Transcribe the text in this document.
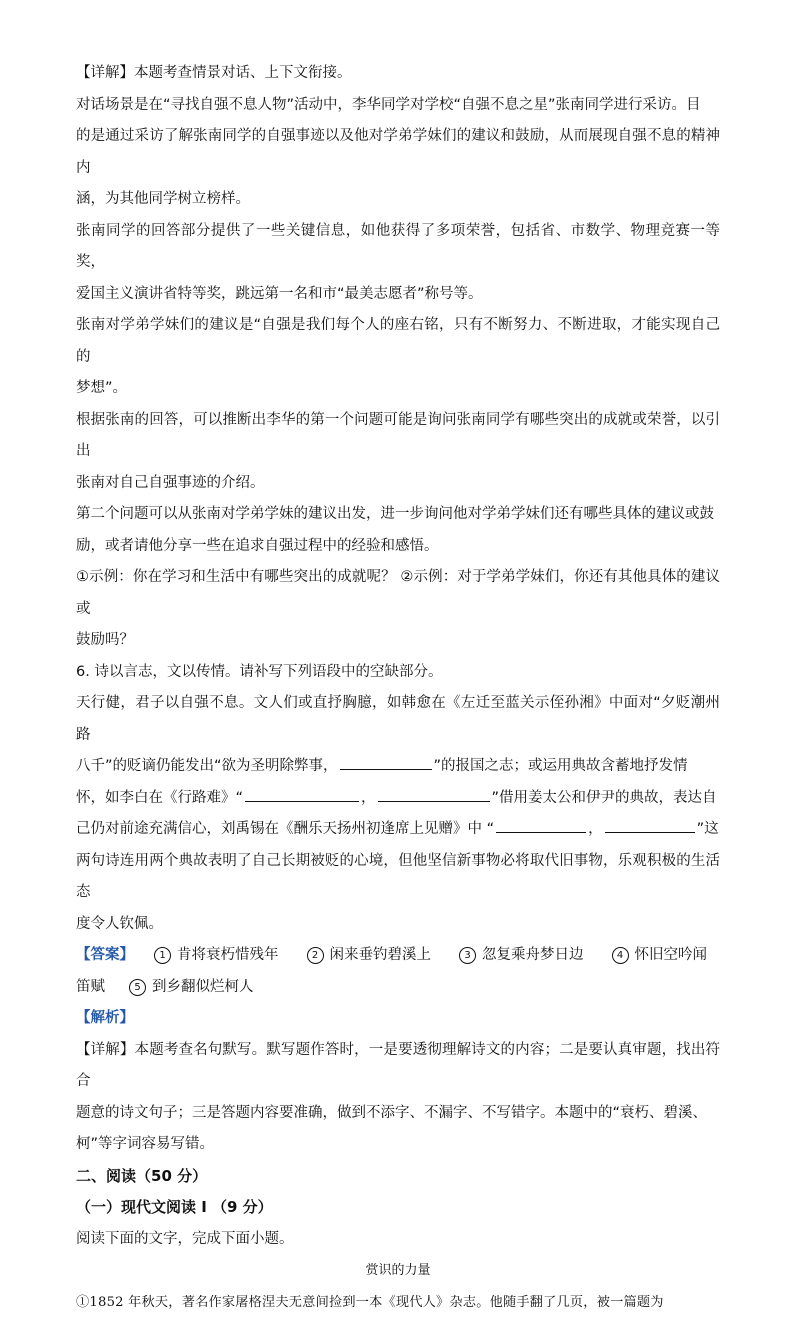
【详解】本题考查情景对话、上下文衔接。

对话场景是在“寻找自强不息人物”活动中，李华同学对学校“自强不息之星”张南同学进行采访。目

的是通过采访了解张南同学的自强事迹以及他对学弟学妹们的建议和鼓励，从而展现自强不息的精神内

涵，为其他同学树立榜样。

张南同学的回答部分提供了一些关键信息，如他获得了多项荣誉，包括省、市数学、物理竞赛一等奖，

爱国主义演讲省特等奖，跳远第一名和市“最美志愿者”称号等。

张南对学弟学妹们的建议是“自强是我们每个人的座右铭，只有不断努力、不断进取，才能实现自己的

梦想”。

根据张南的回答，可以推断出李华的第一个问题可能是询问张南同学有哪些突出的成就或荣誉，以引出

张南对自己自强事迹的介绍。

第二个问题可以从张南对学弟学妹的建议出发，进一步询问他对学弟学妹们还有哪些具体的建议或鼓

励，或者请他分享一些在追求自强过程中的经验和感悟。

①示例：你在学习和生活中有哪些突出的成就呢？ ②示例：对于学弟学妹们，你还有其他具体的建议或

鼓励吗？

6. 诗以言志，文以传情。请补写下列语段中的空缺部分。

天行健，君子以自强不息。文人们或直抒胸臆，如韩愈在《左迁至蓝关示侄孙湘》中面对“夕贬潮州路

八千”的贬谪仍能发出“欲为圣明除弊事，	”的报国之志；或运用典故含蓄地抒发情

怀，如李白在《行路难》“	，	”借用姜太公和伊尹的典故，表达自

己仍对前途充满信心，刘禹锡在《酬乐天扬州初逢席上见赠》中 “	，	”这

两句诗连用两个典故表明了自己长期被贬的心境，但他坚信新事物必将取代旧事物，乐观积极的生活态

度令人钦佩。

【答案】	1 肯将衰朽惜残年	2 闲来垂钓碧溪上	3 忽复乘舟梦日边	4 怀旧空吟闻
笛赋	5 到乡翻似烂柯人

【解析】

【详解】本题考查名句默写。默写题作答时，一是要透彻理解诗文的内容；二是要认真审题，找出符合

题意的诗文句子；三是答题内容要准确，做到不添字、不漏字、不写错字。本题中的“衰朽、碧溪、

柯”等字词容易写错。

二、阅读（50 分）

（一）现代文阅读 I （9 分）

阅读下面的文字，完成下面小题。

赏识的力量

①1852 年秋天，著名作家屠格涅夫无意间捡到一本《现代人》杂志。他随手翻了几页，被一篇题为
